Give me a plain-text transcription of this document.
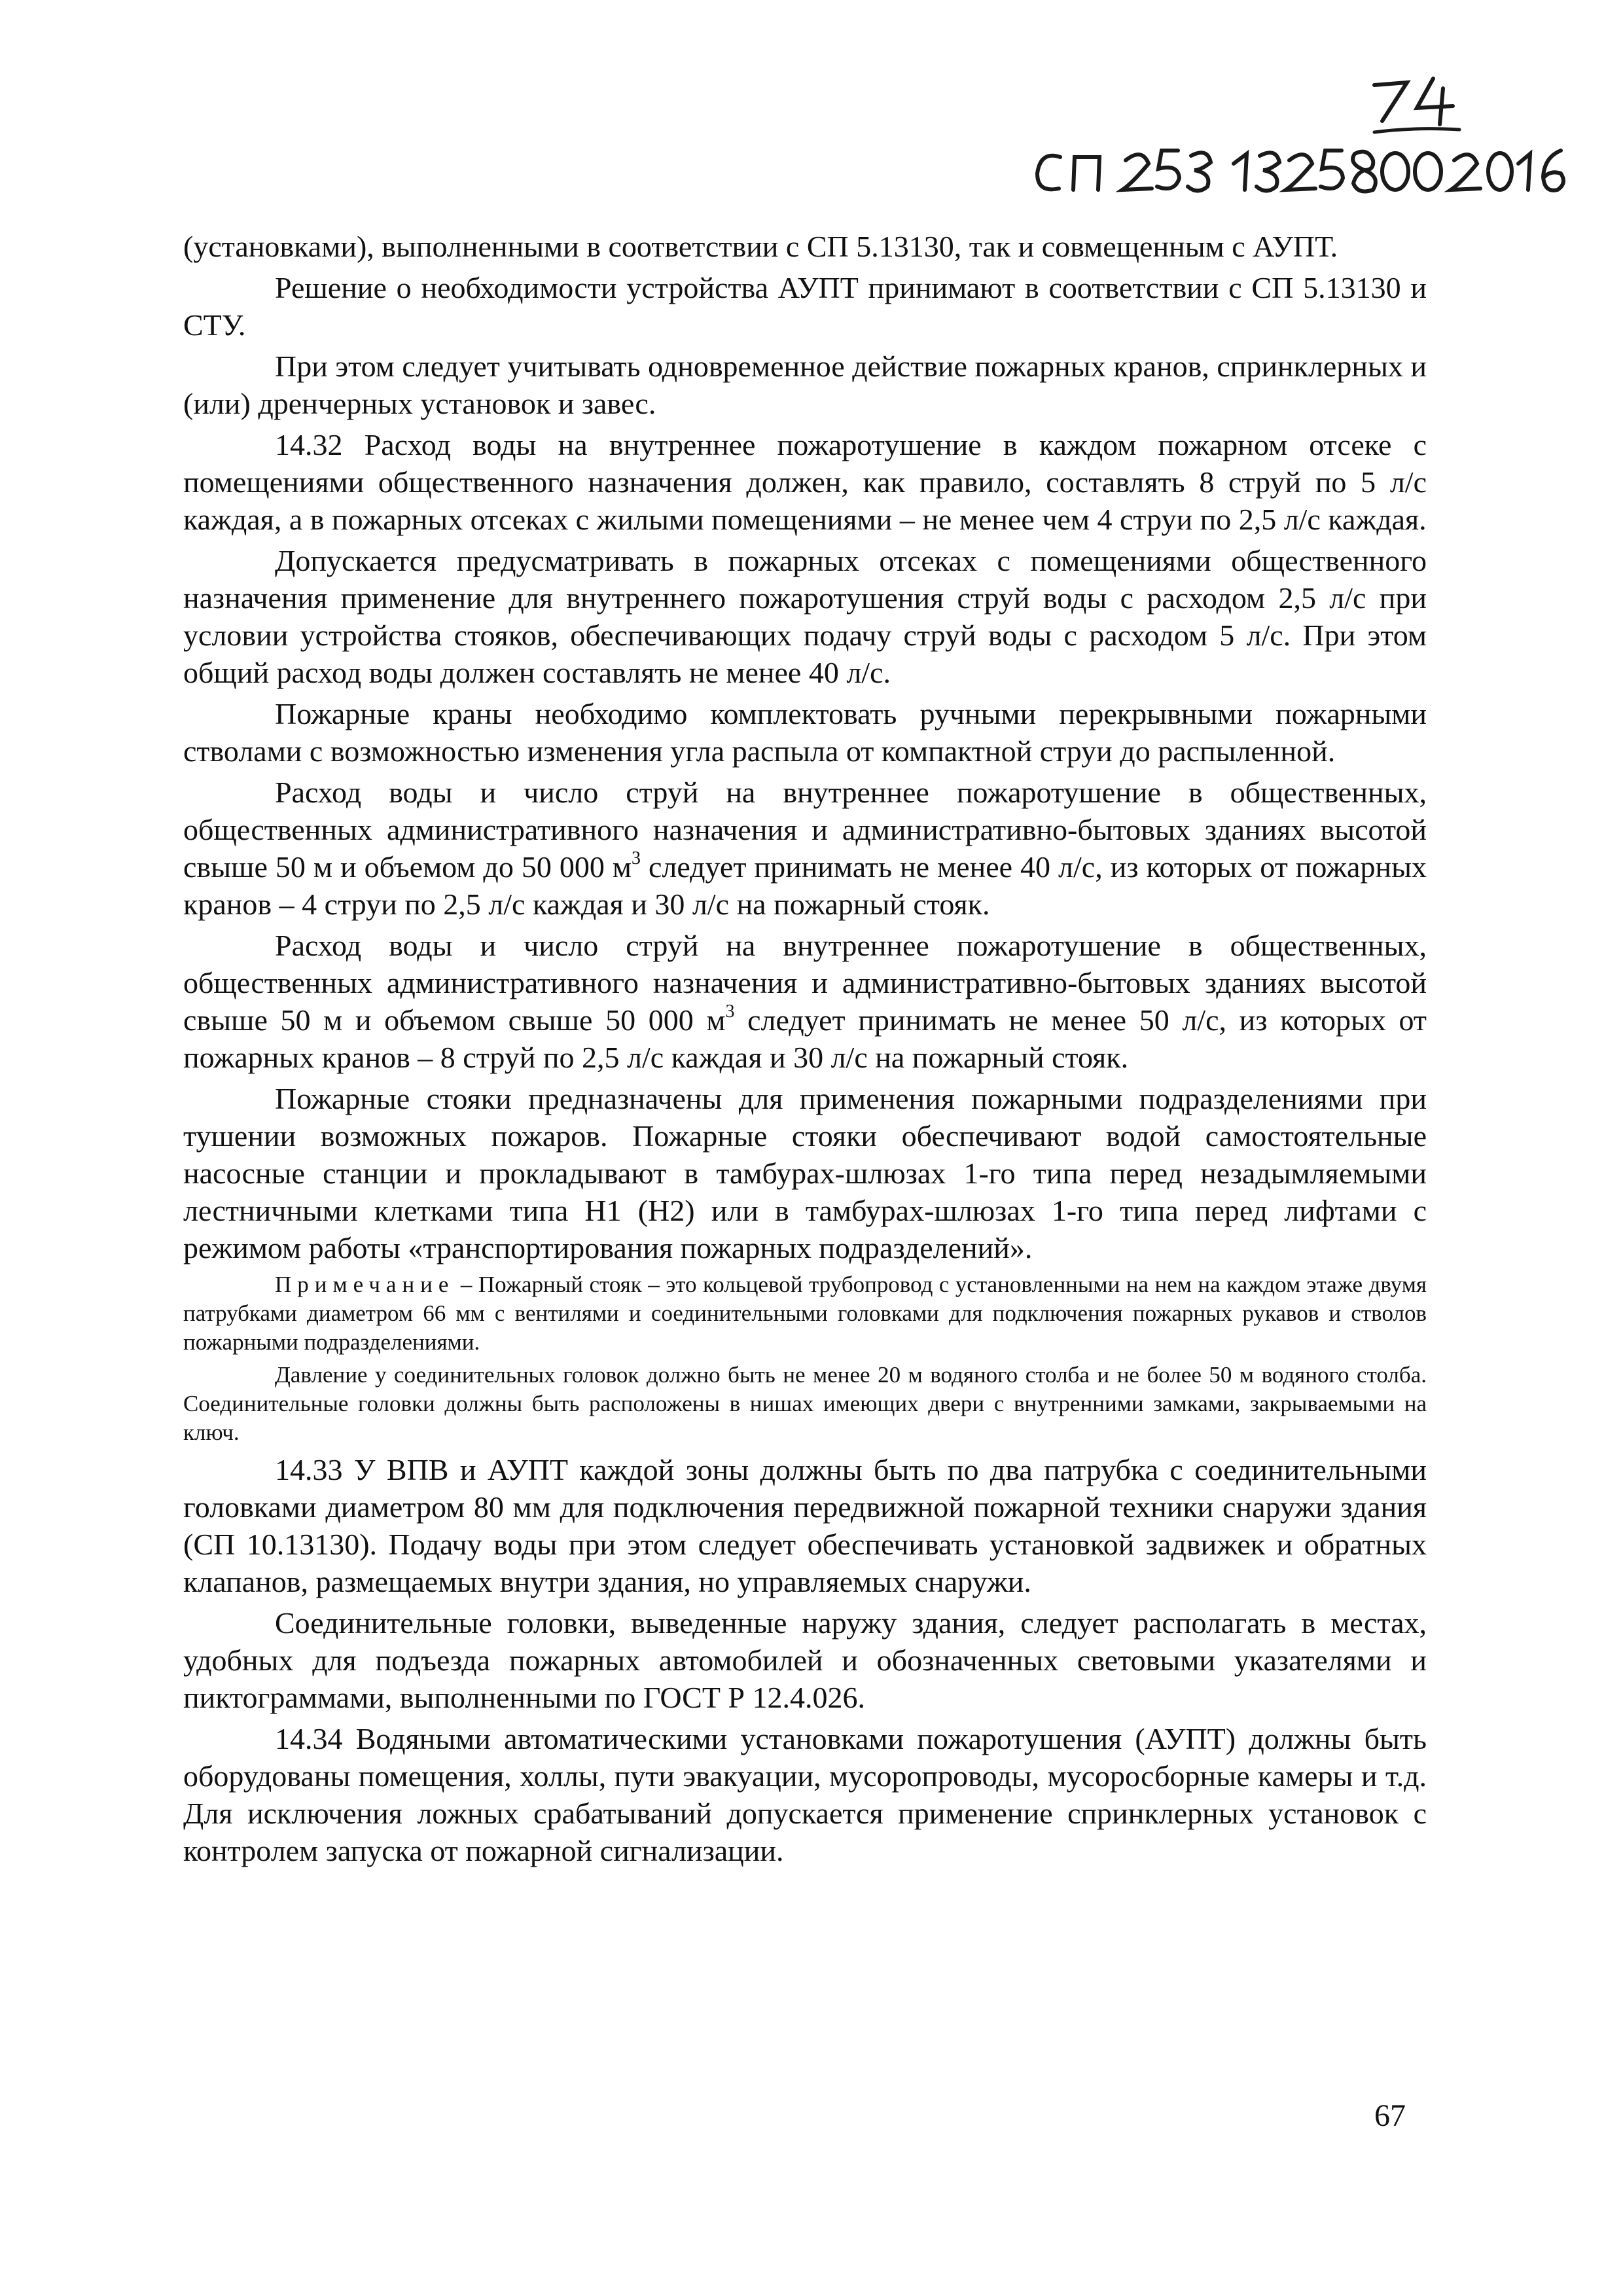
(установками), выполненными в соответствии с СП 5.13130, так и совмещенным с АУПТ.

Решение о необходимости устройства АУПТ принимают в соответствии с СП 5.13130 и СТУ.

При этом следует учитывать одновременное действие пожарных кранов, спринклерных и (или) дренчерных установок и завес.

14.32 Расход воды на внутреннее пожаротушение в каждом пожарном отсеке с помещениями общественного назначения должен, как правило, составлять 8 струй по 5 л/с каждая, а в пожарных отсеках с жилыми помещениями – не менее чем 4 струи по 2,5 л/с каждая.

Допускается предусматривать в пожарных отсеках с помещениями общественного назначения применение для внутреннего пожаротушения струй воды с расходом 2,5 л/с при условии устройства стояков, обеспечивающих подачу струй воды с расходом 5 л/с. При этом общий расход воды должен составлять не менее 40 л/с.

Пожарные краны необходимо комплектовать ручными перекрывными пожарными стволами с возможностью изменения угла распыла от компактной струи до распыленной.

Расход воды и число струй на внутреннее пожаротушение в общественных, общественных административного назначения и административно-бытовых зданиях высотой свыше 50 м и объемом до 50 000 $м^3$ следует принимать не менее 40 л/с, из которых от пожарных кранов – 4 струи по 2,5 л/с каждая и 30 л/с на пожарный стояк.

Расход воды и число струй на внутреннее пожаротушение в общественных, общественных административного назначения и административно-бытовых зданиях высотой свыше 50 м и объемом свыше 50 000 $м^3$ следует принимать не менее 50 л/с, из которых от пожарных кранов – 8 струй по 2,5 л/с каждая и 30 л/с на пожарный стояк.

Пожарные стояки предназначены для применения пожарными подразделениями при тушении возможных пожаров. Пожарные стояки обеспечивают водой самостоятельные насосные станции и прокладывают в тамбурах-шлюзах 1-го типа перед незадымляемыми лестничными клетками типа Н1 (Н2) или в тамбурах-шлюзах 1-го типа перед лифтами с режимом работы «транспортирования пожарных подразделений».

Примечание – Пожарный стояк – это кольцевой трубопровод с установленными на нем на каждом этаже двумя патрубками диаметром 66 мм с вентилями и соединительными головками для подключения пожарных рукавов и стволов пожарными подразделениями.

Давление у соединительных головок должно быть не менее 20 м водяного столба и не более 50 м водяного столба. Соединительные головки должны быть расположены в нишах имеющих двери с внутренними замками, закрываемыми на ключ.

14.33 У ВПВ и АУПТ каждой зоны должны быть по два патрубка с соединительными головками диаметром 80 мм для подключения передвижной пожарной техники снаружи здания (СП 10.13130). Подачу воды при этом следует обеспечивать установкой задвижек и обратных клапанов, размещаемых внутри здания, но управляемых снаружи.

Соединительные головки, выведенные наружу здания, следует располагать в местах, удобных для подъезда пожарных автомобилей и обозначенных световыми указателями и пиктограммами, выполненными по ГОСТ Р 12.4.026.

14.34 Водяными автоматическими установками пожаротушения (АУПТ) должны быть оборудованы помещения, холлы, пути эвакуации, мусоропроводы, мусоросборные камеры и т.д. Для исключения ложных срабатываний допускается применение спринклерных установок с контролем запуска от пожарной сигнализации.

67
